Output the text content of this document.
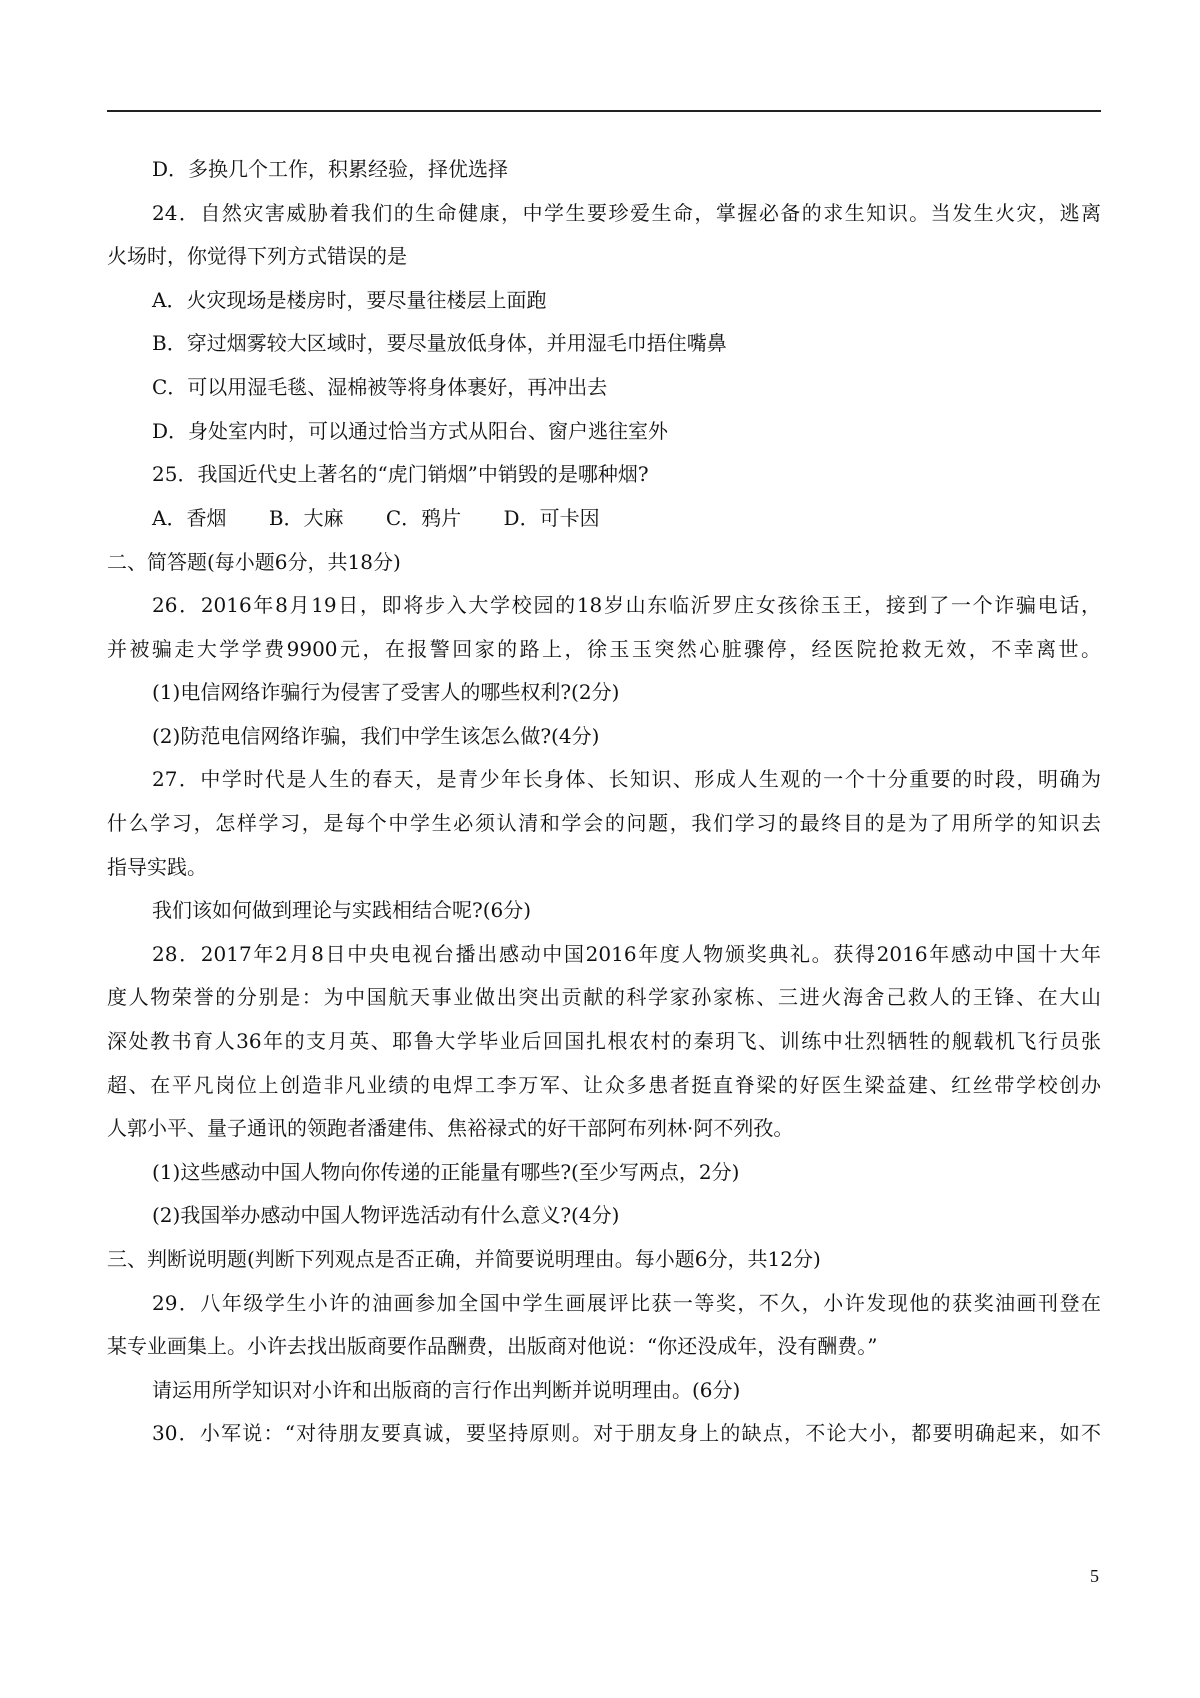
D．多换几个工作，积累经验，择优选择
24．自然灾害威胁着我们的生命健康，中学生要珍爱生命，掌握必备的求生知识。当发生火灾，逃离
火场时，你觉得下列方式错误的是
A．火灾现场是楼房时，要尽量往楼层上面跑
B．穿过烟雾较大区域时，要尽量放低身体，并用湿毛巾捂住嘴鼻
C．可以用湿毛毯、湿棉被等将身体裹好，再冲出去
D．身处室内时，可以通过恰当方式从阳台、窗户逃往室外
25．我国近代史上著名的“虎门销烟”中销毁的是哪种烟?
A．香烟 B．大麻 C．鸦片 D．可卡因
二、简答题(每小题6分，共18分)
26．2016年8月19日，即将步入大学校园的18岁山东临沂罗庄女孩徐玉王，接到了一个诈骗电话，
并被骗走大学学费9900元，在报警回家的路上，徐玉玉突然心脏骤停，经医院抢救无效，不幸离世。
(1)电信网络诈骗行为侵害了受害人的哪些权利?(2分)
(2)防范电信网络诈骗，我们中学生该怎么做?(4分)
27．中学时代是人生的春天，是青少年长身体、长知识、形成人生观的一个十分重要的时段，明确为
什么学习，怎样学习，是每个中学生必须认清和学会的问题，我们学习的最终目的是为了用所学的知识去
指导实践。
我们该如何做到理论与实践相结合呢?(6分)
28．2017年2月8日中央电视台播出感动中国2016年度人物颁奖典礼。获得2016年感动中国十大年
度人物荣誉的分别是：为中国航天事业做出突出贡献的科学家孙家栋、三进火海舍己救人的王锋、在大山
深处教书育人36年的支月英、耶鲁大学毕业后回国扎根农村的秦玥飞、训练中壮烈牺牲的舰载机飞行员张
超、在平凡岗位上创造非凡业绩的电焊工李万军、让众多患者挺直脊梁的好医生梁益建、红丝带学校创办
人郭小平、量子通讯的领跑者潘建伟、焦裕禄式的好干部阿布列林·阿不列孜。
(1)这些感动中国人物向你传递的正能量有哪些?(至少写两点，2分)
(2)我国举办感动中国人物评选活动有什么意义?(4分)
三、判断说明题(判断下列观点是否正确，并简要说明理由。每小题6分，共12分)
29．八年级学生小许的油画参加全国中学生画展评比获一等奖，不久，小许发现他的获奖油画刊登在
某专业画集上。小许去找出版商要作品酬费，出版商对他说：“你还没成年，没有酬费。”
请运用所学知识对小许和出版商的言行作出判断并说明理由。(6分)
30．小军说：“对待朋友要真诚，要坚持原则。对于朋友身上的缺点，不论大小，都要明确起来，如不
5
